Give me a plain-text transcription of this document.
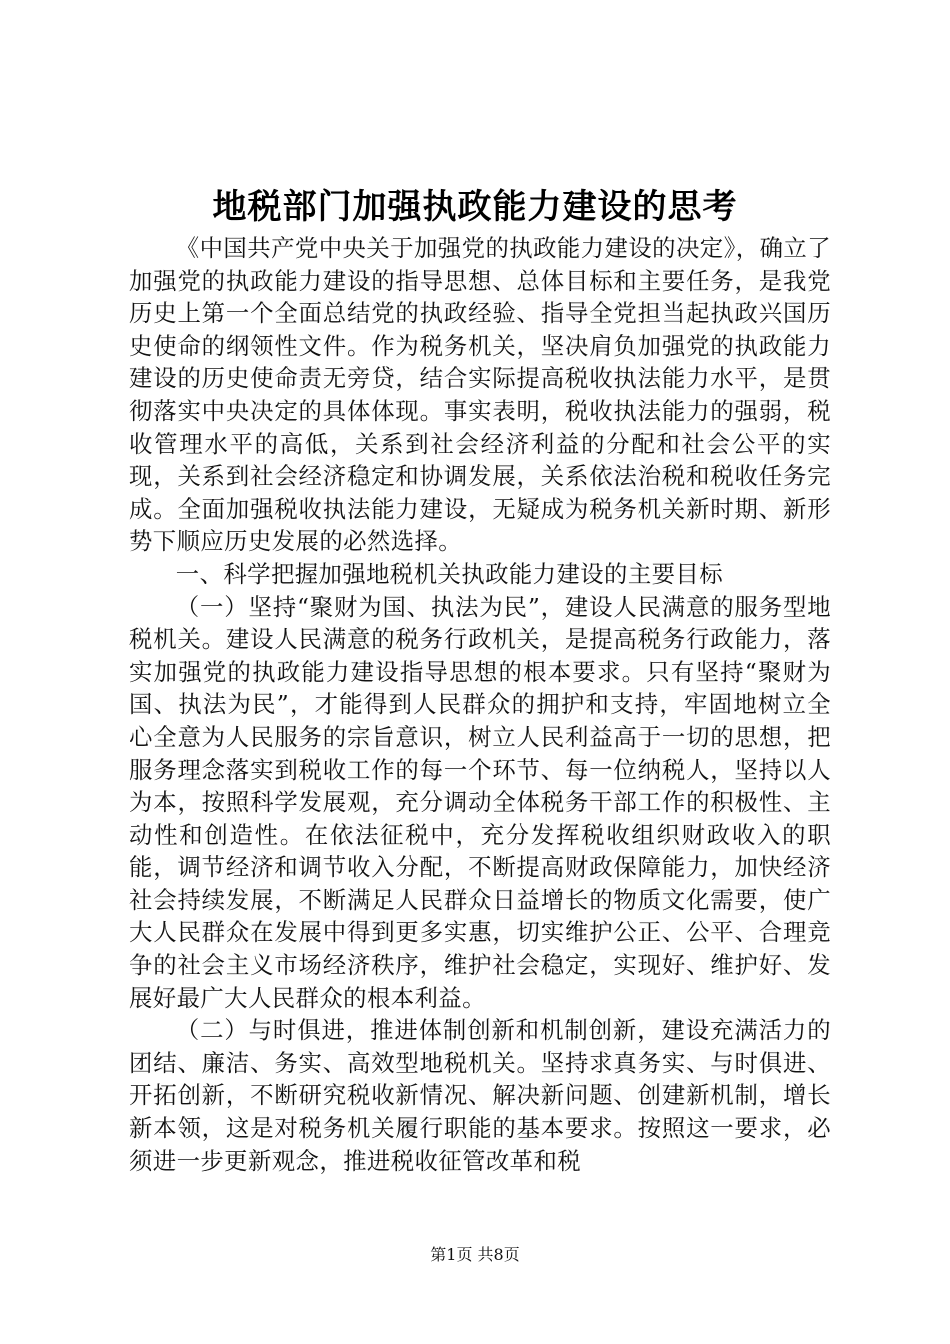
地税部门加强执政能力建设的思考

《中国共产党中央关于加强党的执政能力建设的决定》，确立了加强党的执政能力建设的指导思想、总体目标和主要任务，是我党历史上第一个全面总结党的执政经验、指导全党担当起执政兴国历史使命的纲领性文件。作为税务机关，坚决肩负加强党的执政能力建设的历史使命责无旁贷，结合实际提高税收执法能力水平，是贯彻落实中央决定的具体体现。事实表明，税收执法能力的强弱，税收管理水平的高低，关系到社会经济利益的分配和社会公平的实现，关系到社会经济稳定和协调发展，关系依法治税和税收任务完成。全面加强税收执法能力建设，无疑成为税务机关新时期、新形势下顺应历史发展的必然选择。

一、科学把握加强地税机关执政能力建设的主要目标

（一）坚持“聚财为国、执法为民”，建设人民满意的服务型地税机关。建设人民满意的税务行政机关，是提高税务行政能力，落实加强党的执政能力建设指导思想的根本要求。只有坚持“聚财为国、执法为民”，才能得到人民群众的拥护和支持，牢固地树立全心全意为人民服务的宗旨意识，树立人民利益高于一切的思想，把服务理念落实到税收工作的每一个环节、每一位纳税人，坚持以人为本，按照科学发展观，充分调动全体税务干部工作的积极性、主动性和创造性。在依法征税中，充分发挥税收组织财政收入的职能，调节经济和调节收入分配，不断提高财政保障能力，加快经济社会持续发展，不断满足人民群众日益增长的物质文化需要，使广大人民群众在发展中得到更多实惠，切实维护公正、公平、合理竞争的社会主义市场经济秩序，维护社会稳定，实现好、维护好、发展好最广大人民群众的根本利益。

（二）与时俱进，推进体制创新和机制创新，建设充满活力的团结、廉洁、务实、高效型地税机关。坚持求真务实、与时俱进、开拓创新，不断研究税收新情况、解决新问题、创建新机制，增长新本领，这是对税务机关履行职能的基本要求。按照这一要求，必须进一步更新观念，推进税收征管改革和税

第1页 共8页
